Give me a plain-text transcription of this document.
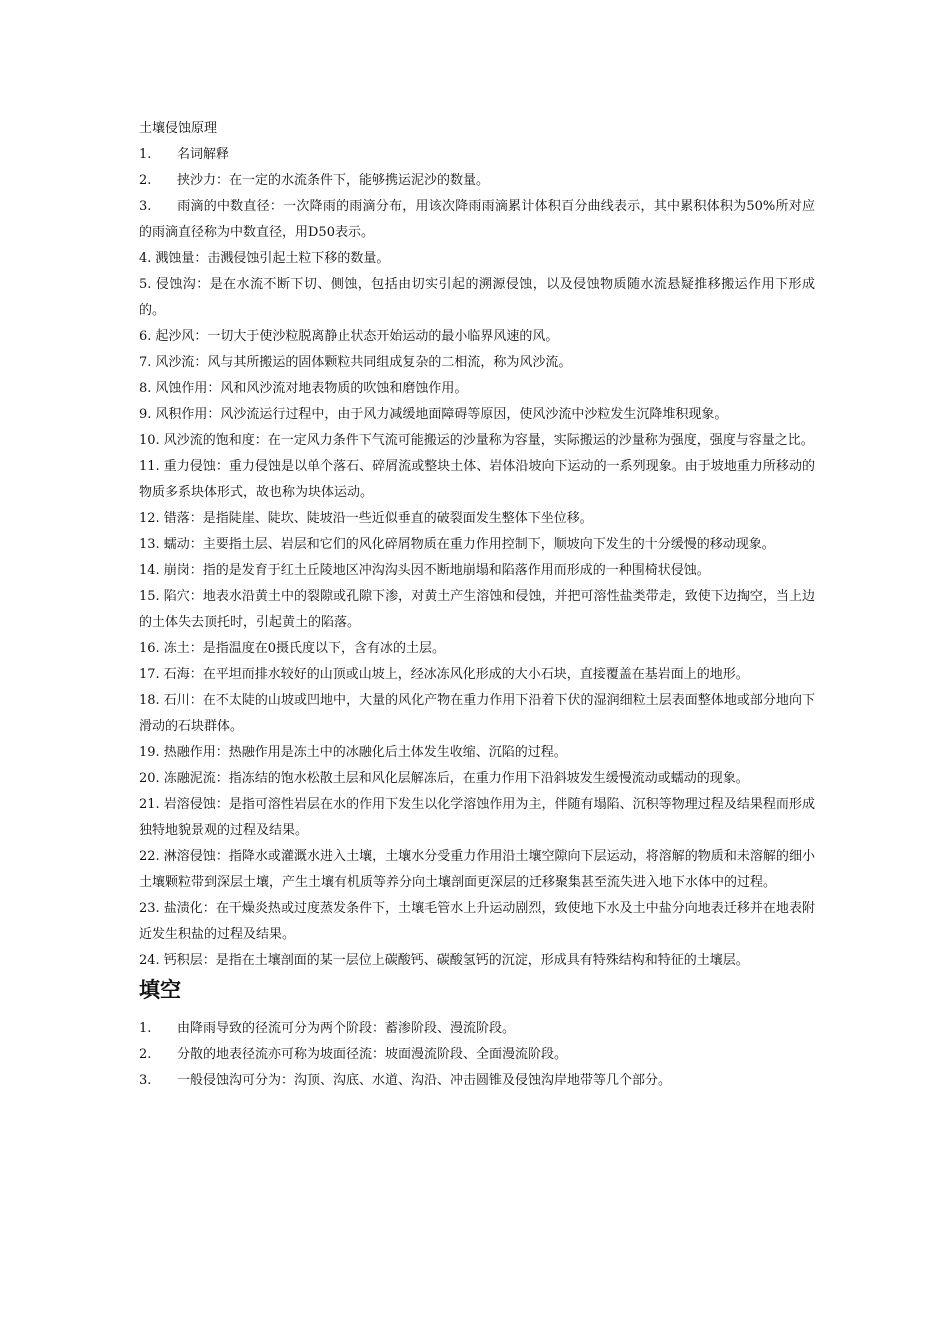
土壤侵蚀原理
1. 名词解释
2. 挟沙力：在一定的水流条件下，能够携运泥沙的数量。
3. 雨滴的中数直径：一次降雨的雨滴分布，用该次降雨雨滴累计体积百分曲线表示，其中累积体积为50%所对应的雨滴直径称为中数直径，用D50表示。
4. 溅蚀量：击溅侵蚀引起土粒下移的数量。
5. 侵蚀沟：是在水流不断下切、侧蚀，包括由切实引起的溯源侵蚀，以及侵蚀物质随水流悬疑推移搬运作用下形成的。
6. 起沙风：一切大于使沙粒脱离静止状态开始运动的最小临界风速的风。
7. 风沙流：风与其所搬运的固体颗粒共同组成复杂的二相流，称为风沙流。
8. 风蚀作用：风和风沙流对地表物质的吹蚀和磨蚀作用。
9. 风积作用：风沙流运行过程中，由于风力减缓地面障碍等原因，使风沙流中沙粒发生沉降堆积现象。
10. 风沙流的饱和度：在一定风力条件下气流可能搬运的沙量称为容量，实际搬运的沙量称为强度，强度与容量之比。
11. 重力侵蚀：重力侵蚀是以单个落石、碎屑流或整块土体、岩体沿坡向下运动的一系列现象。由于坡地重力所移动的物质多系块体形式，故也称为块体运动。
12. 错落：是指陡崖、陡坎、陡坡沿一些近似垂直的破裂面发生整体下坐位移。
13. 蠕动：主要指土层、岩层和它们的风化碎屑物质在重力作用控制下，顺坡向下发生的十分缓慢的移动现象。
14. 崩岗：指的是发育于红土丘陵地区冲沟沟头因不断地崩塌和陷落作用而形成的一种围椅状侵蚀。
15. 陷穴：地表水沿黄土中的裂隙或孔隙下渗，对黄土产生溶蚀和侵蚀，并把可溶性盐类带走，致使下边掏空，当上边的土体失去顶托时，引起黄土的陷落。
16. 冻土：是指温度在0摄氏度以下，含有冰的土层。
17. 石海：在平坦而排水较好的山顶或山坡上，经冰冻风化形成的大小石块，直接覆盖在基岩面上的地形。
18. 石川：在不太陡的山坡或凹地中，大量的风化产物在重力作用下沿着下伏的湿润细粒土层表面整体地或部分地向下滑动的石块群体。
19. 热融作用：热融作用是冻土中的冰融化后土体发生收缩、沉陷的过程。
20. 冻融泥流：指冻结的饱水松散土层和风化层解冻后，在重力作用下沿斜坡发生缓慢流动或蠕动的现象。
21. 岩溶侵蚀：是指可溶性岩层在水的作用下发生以化学溶蚀作用为主，伴随有塌陷、沉积等物理过程及结果程而形成独特地貌景观的过程及结果。
22. 淋溶侵蚀：指降水或灌溉水进入土壤，土壤水分受重力作用沿土壤空隙向下层运动，将溶解的物质和未溶解的细小土壤颗粒带到深层土壤，产生土壤有机质等养分向土壤剖面更深层的迁移聚集甚至流失进入地下水体中的过程。
23. 盐渍化：在干燥炎热或过度蒸发条件下，土壤毛管水上升运动剧烈，致使地下水及土中盐分向地表迁移并在地表附近发生积盐的过程及结果。
24. 钙积层：是指在土壤剖面的某一层位上碳酸钙、碳酸氢钙的沉淀，形成具有特殊结构和特征的土壤层。
填空
1. 由降雨导致的径流可分为两个阶段：蓄渗阶段、漫流阶段。
2. 分散的地表径流亦可称为坡面径流：坡面漫流阶段、全面漫流阶段。
3. 一般侵蚀沟可分为：沟顶、沟底、水道、沟沿、冲击圆锥及侵蚀沟岸地带等几个部分。
